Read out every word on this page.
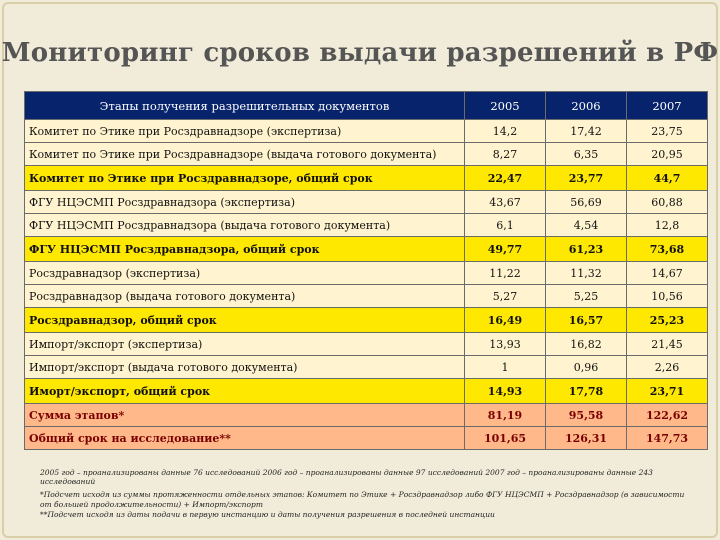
Мониторинг сроков выдачи разрешений в РФ
Этапы получения разрешительных документов	2005	2006	2007
Комитет по Этике при Росздравнадзоре (экспертиза)	14,2	17,42	23,75
Комитет по Этике при Росздравнадзоре (выдача готового документа)	8,27	6,35	20,95
Комитет по Этике при Росздравнадзоре, общий срок	22,47	23,77	44,7
ФГУ НЦЭСМП Росздравнадзора (экспертиза)	43,67	56,69	60,88
ФГУ НЦЭСМП Росздравнадзора (выдача готового документа)	6,1	4,54	12,8
ФГУ НЦЭСМП Росздравнадзора, общий срок	49,77	61,23	73,68
Росздравнадзор (экспертиза)	11,22	11,32	14,67
Росздравнадзор (выдача готового документа)	5,27	5,25	10,56
Росздравнадзор, общий срок	16,49	16,57	25,23
Импорт/экспорт (экспертиза)	13,93	16,82	21,45
Импорт/экспорт (выдача готового документа)	1	0,96	2,26
Иморт/экспорт, общий срок	14,93	17,78	23,71
Сумма этапов*	81,19	95,58	122,62
Общий срок на исследование**	101,65	126,31	147,73
2005 год – проанализированы данные 76 исследований 2006 год – проанализированы данные 97 исследований 2007 год – проанализированы данные 243 исследований
*Подсчет исходя из суммы протяженности отдельных этапов: Комитет по Этике + Росздравнадзор либо ФГУ НЦЭСМП + Росздравнадзор (в зависимости от большей продолжительности) + Импорт/экспорт
**Подсчет исходя из даты подачи в первую инстанцию и даты получения разрешения в последней инстанции
